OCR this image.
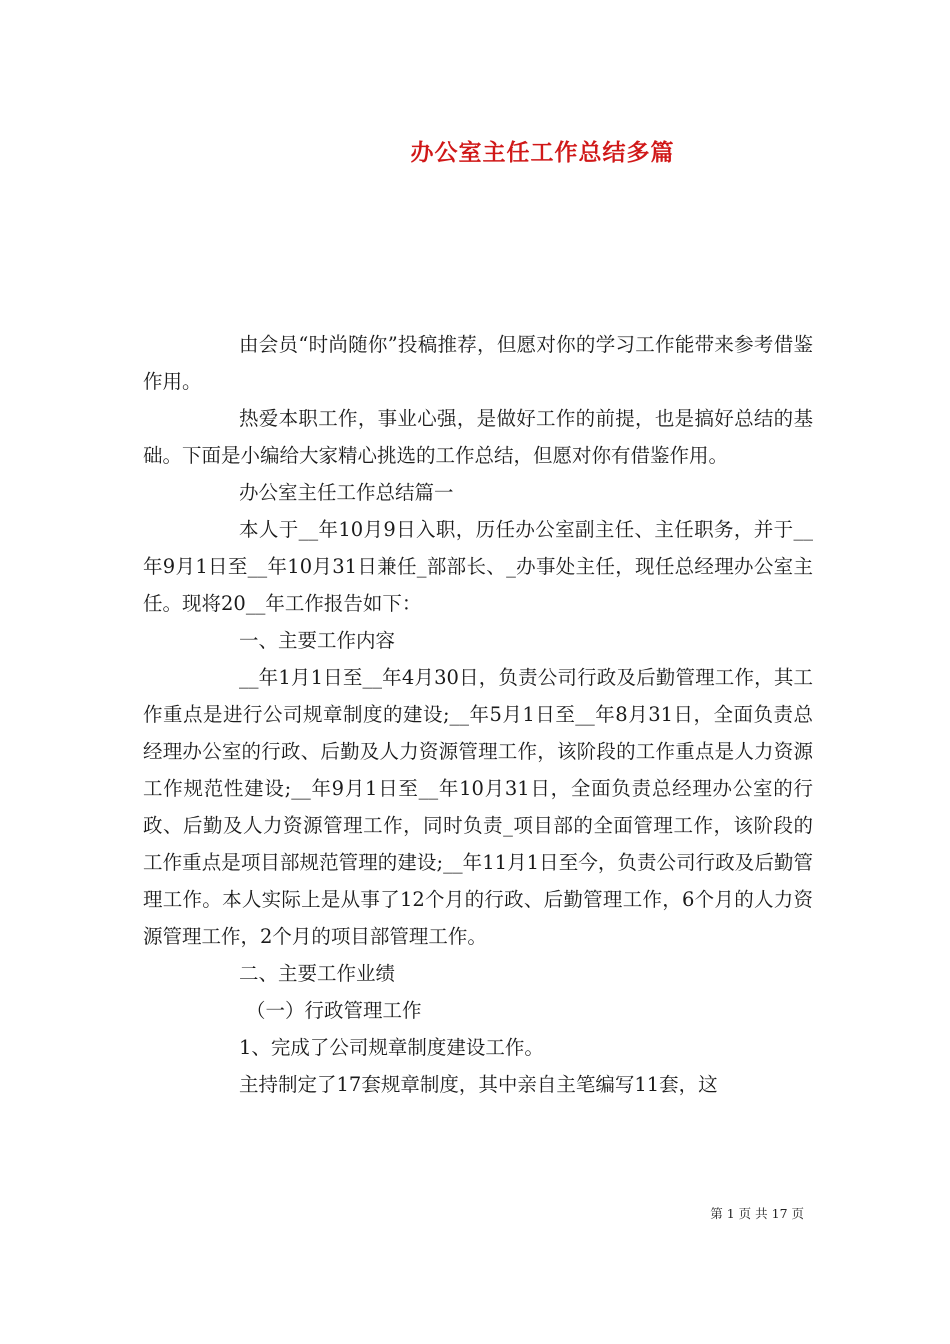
办公室主任工作总结多篇

由会员“时尚随你”投稿推荐，但愿对你的学习工作能带来参考借鉴作用。

热爱本职工作，事业心强，是做好工作的前提，也是搞好总结的基础。下面是小编给大家精心挑选的工作总结，但愿对你有借鉴作用。

办公室主任工作总结篇一

本人于__年10月9日入职，历任办公室副主任、主任职务，并于__年9月1日至__年10月31日兼任_部部长、_办事处主任，现任总经理办公室主任。现将20__年工作报告如下：

一、主要工作内容

__年1月1日至__年4月30日，负责公司行政及后勤管理工作，其工作重点是进行公司规章制度的建设;__年5月1日至__年8月31日，全面负责总经理办公室的行政、后勤及人力资源管理工作，该阶段的工作重点是人力资源工作规范性建设;__年9月1日至__年10月31日，全面负责总经理办公室的行政、后勤及人力资源管理工作，同时负责_项目部的全面管理工作，该阶段的工作重点是项目部规范管理的建设;__年11月1日至今，负责公司行政及后勤管理工作。本人实际上是从事了12个月的行政、后勤管理工作，6个月的人力资源管理工作，2个月的项目部管理工作。

二、主要工作业绩

（一）行政管理工作

1、完成了公司规章制度建设工作。

主持制定了17套规章制度，其中亲自主笔编写11套，这

第 1 页 共 17 页
